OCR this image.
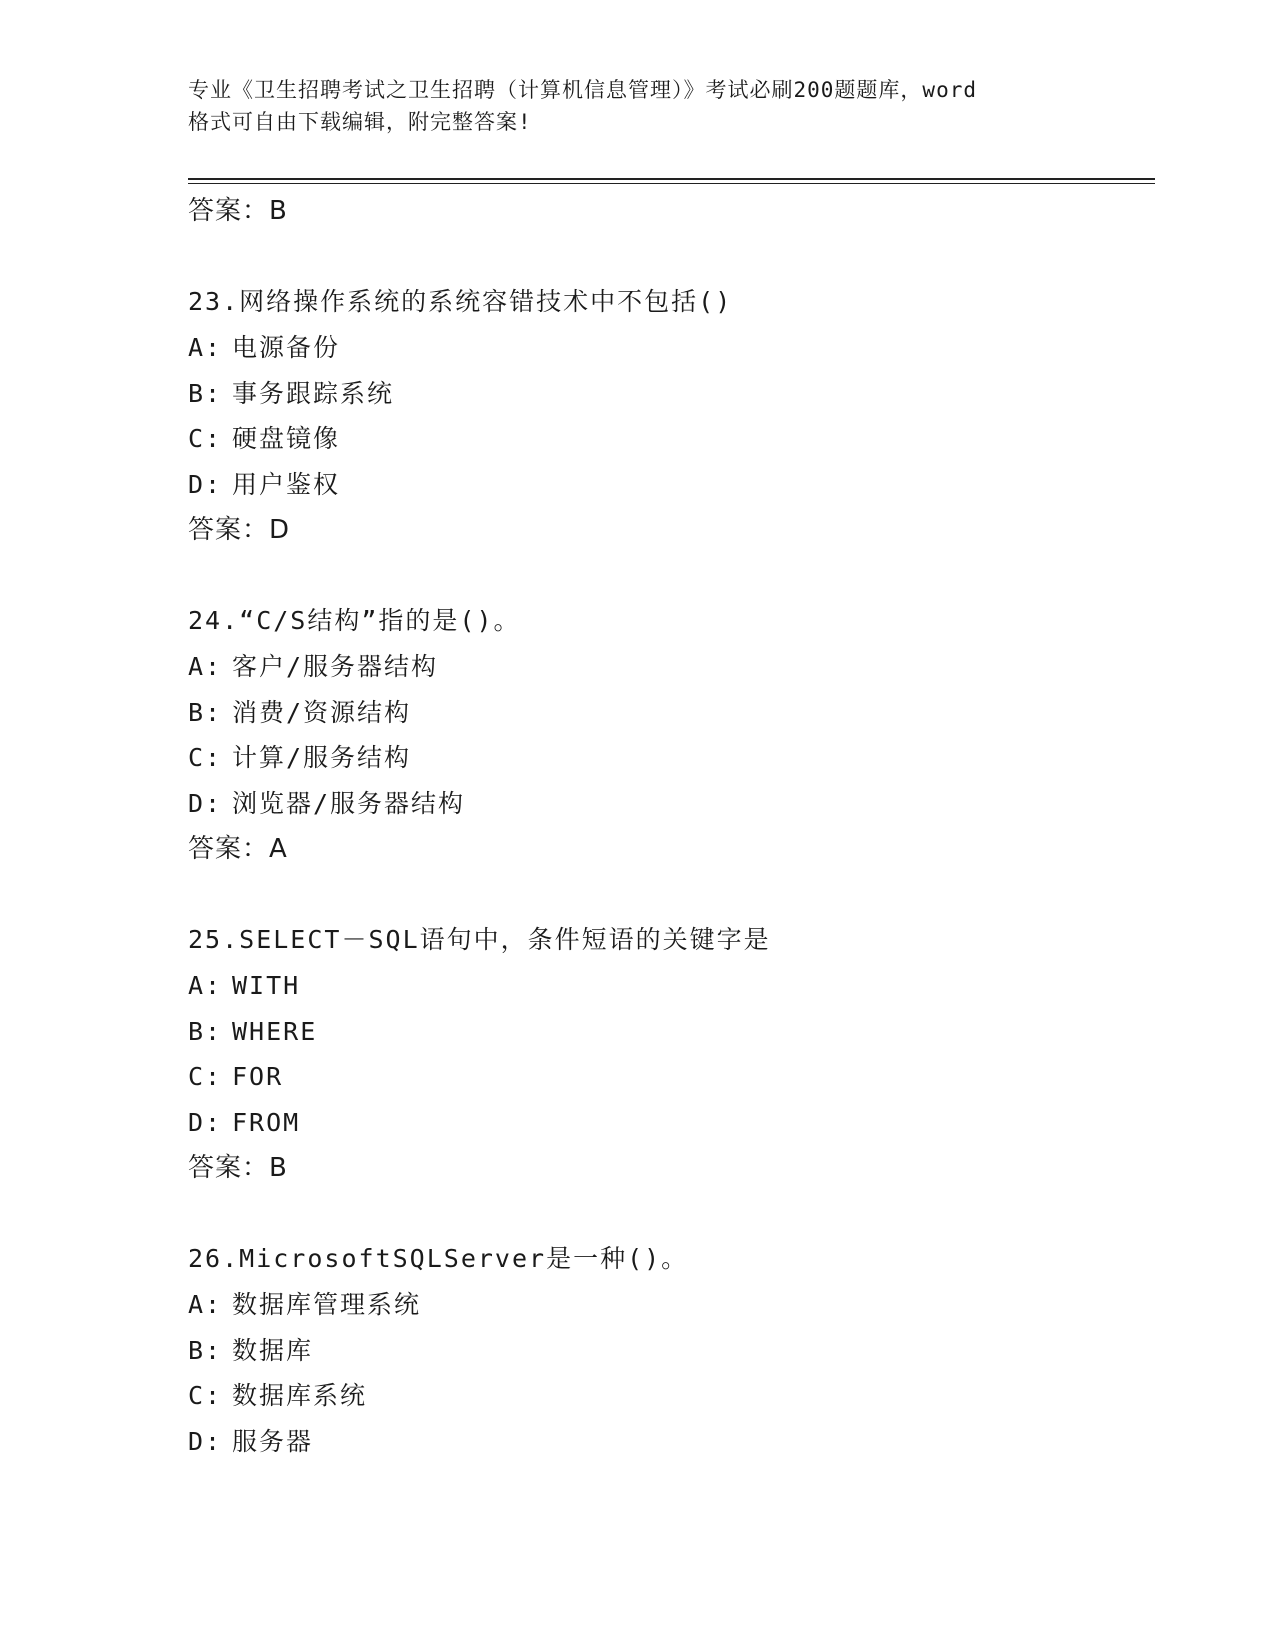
专业《卫生招聘考试之卫生招聘（计算机信息管理）》考试必刷200题题库，word
格式可自由下载编辑，附完整答案!
答案：B
23.网络操作系统的系统容错技术中不包括()
A: 电源备份
B: 事务跟踪系统
C: 硬盘镜像
D: 用户鉴权
答案：D
24.“C/S结构”指的是()。
A: 客户/服务器结构
B: 消费/资源结构
C: 计算/服务结构
D: 浏览器/服务器结构
答案：A
25.SELECT－SQL语句中，条件短语的关键字是
A: WITH
B: WHERE
C: FOR
D: FROM
答案：B
26.MicrosoftSQLServer是一种()。
A: 数据库管理系统
B: 数据库
C: 数据库系统
D: 服务器
